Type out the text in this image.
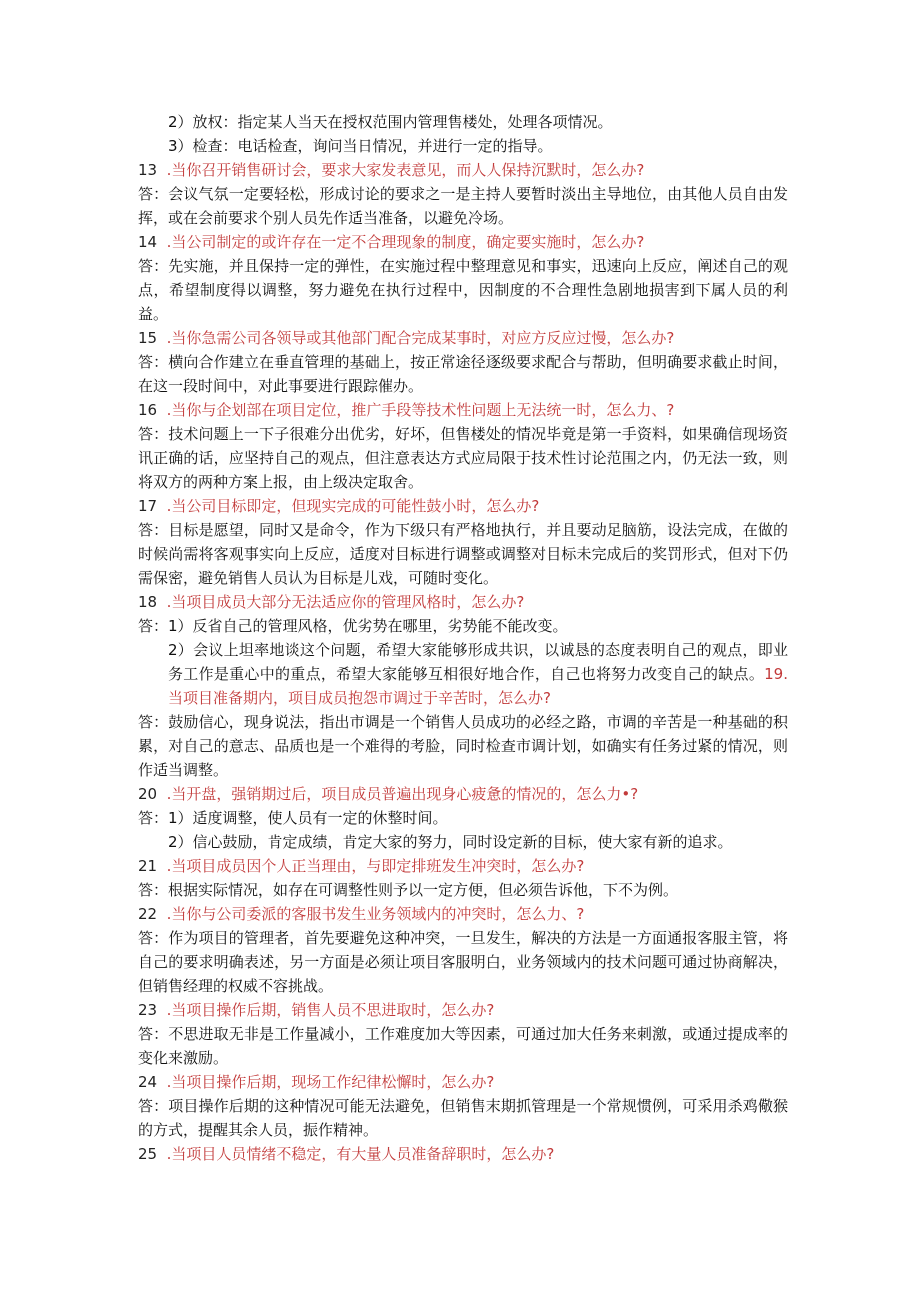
2）放权：指定某人当天在授权范围内管理售楼处，处理各项情况。

3）检查：电话检查，询问当日情况，并进行一定的指导。

13 .当你召开销售研讨会，要求大家发表意见，而人人保持沉默时，怎么办?

答：会议气氛一定要轻松，形成讨论的要求之一是主持人要暂时淡出主导地位，由其他人员自由发挥，或在会前要求个别人员先作适当准备，以避免冷场。

14 .当公司制定的或许存在一定不合理现象的制度，确定要实施时，怎么办?

答：先实施，并且保持一定的弹性，在实施过程中整理意见和事实，迅速向上反应，阐述自己的观点，希望制度得以调整，努力避免在执行过程中，因制度的不合理性急剧地损害到下属人员的利益。

15 .当你急需公司各领导或其他部门配合完成某事时，对应方反应过慢，怎么办?

答：横向合作建立在垂直管理的基础上，按正常途径逐级要求配合与帮助，但明确要求截止时间，在这一段时间中，对此事要进行跟踪催办。

16 .当你与企划部在项目定位，推广手段等技术性问题上无法统一时，怎么力、?

答：技术问题上一下子很难分出优劣，好坏，但售楼处的情况毕竟是第一手资料，如果确信现场资讯正确的话，应坚持自己的观点，但注意表达方式应局限于技术性讨论范围之内，仍无法一致，则将双方的两种方案上报，由上级决定取舍。

17 .当公司目标即定，但现实完成的可能性鼓小时，怎么办?

答：目标是愿望，同时又是命令，作为下级只有严格地执行，并且要动足脑筋，设法完成，在做的时候尚需将客观事实向上反应，适度对目标进行调整或调整对目标未完成后的奖罚形式，但对下仍需保密，避免销售人员认为目标是儿戏，可随时变化。

18 .当项目成员大部分无法适应你的管理风格时，怎么办?

答：1）反省自己的管理风格，优劣势在哪里，劣势能不能改变。

2）会议上坦率地谈这个问题，希望大家能够形成共识，以诚恳的态度表明自己的观点，即业务工作是重心中的重点，希望大家能够互相很好地合作，自己也将努力改变自己的缺点。19.当项目准备期内，项目成员抱怨市调过于辛苦时，怎么办?

答：鼓励信心，现身说法，指出市调是一个销售人员成功的必经之路，市调的辛苦是一种基础的积累，对自己的意志、品质也是一个难得的考脸，同时检查市调计划，如确实有任务过紧的情况，则作适当调整。

20 .当开盘，强销期过后，项目成员普遍出现身心疲惫的情况的，怎么力•?

答：1）适度调整，使人员有一定的休整时间。

2）信心鼓励，肯定成绩，肯定大家的努力，同时设定新的目标，使大家有新的追求。

21 .当项目成员因个人正当理由，与即定排班发生冲突时，怎么办?

答：根据实际情况，如存在可调整性则予以一定方便，但必须告诉他，下不为例。

22 .当你与公司委派的客服书发生业务领域内的冲突时，怎么力、?

答：作为项目的管理者，首先要避免这种冲突，一旦发生，解决的方法是一方面通报客服主管，将自己的要求明确表述，另一方面是必须让项目客服明白，业务领域内的技术问题可通过协商解决，但销售经理的权威不容挑战。

23 .当项目操作后期，销售人员不思进取时，怎么办?

答：不思进取无非是工作量减小，工作难度加大等因素，可通过加大任务来刺激，或通过提成率的变化来激励。

24 .当项目操作后期，现场工作纪律松懈时，怎么办?

答：项目操作后期的这种情况可能无法避免，但销售末期抓管理是一个常规惯例，可采用杀鸡儆猴的方式，提醒其余人员，振作精神。

25 .当项目人员情绪不稳定，有大量人员准备辞职时，怎么办?
